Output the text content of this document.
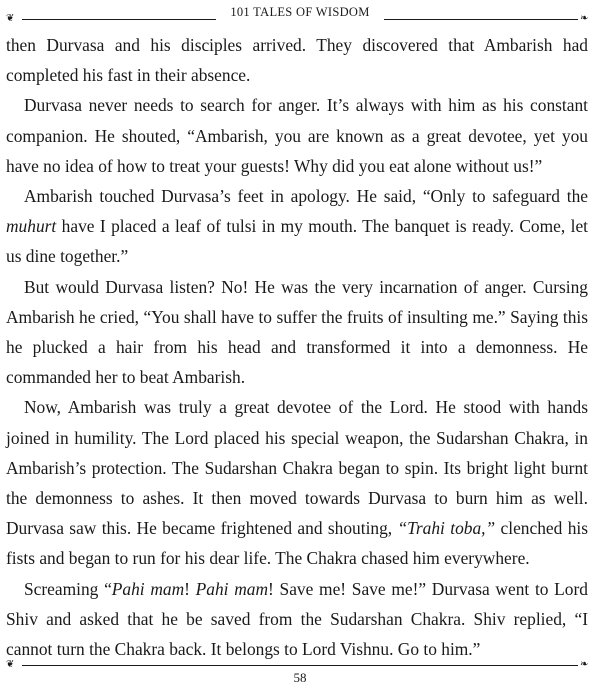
❦	101 TALES OF WISDOM	❧

then Durvasa and his disciples arrived. They discovered that Ambarish had completed his fast in their absence.

Durvasa never needs to search for anger. It’s always with him as his constant companion. He shouted, “Ambarish, you are known as a great devotee, yet you have no idea of how to treat your guests! Why did you eat alone without us!”

Ambarish touched Durvasa’s feet in apology. He said, “Only to safeguard the muhurt have I placed a leaf of tulsi in my mouth. The banquet is ready. Come, let us dine together.”

But would Durvasa listen? No! He was the very incarnation of anger. Cursing Ambarish he cried, “You shall have to suffer the fruits of insulting me.” Saying this he plucked a hair from his head and transformed it into a demonness. He commanded her to beat Ambarish.

Now, Ambarish was truly a great devotee of the Lord. He stood with hands joined in humility. The Lord placed his special weapon, the Sudarshan Chakra, in Ambarish’s protection. The Sudarshan Chakra began to spin. Its bright light burnt the demonness to ashes. It then moved towards Durvasa to burn him as well. Durvasa saw this. He became frightened and shouting, “Trahi toba,” clenched his fists and began to run for his dear life. The Chakra chased him everywhere.

Screaming “Pahi mam! Pahi mam! Save me! Save me!” Durvasa went to Lord Shiv and asked that he be saved from the Sudarshan Chakra. Shiv replied, “I cannot turn the Chakra back. It belongs to Lord Vishnu. Go to him.”

❦	❧
58
